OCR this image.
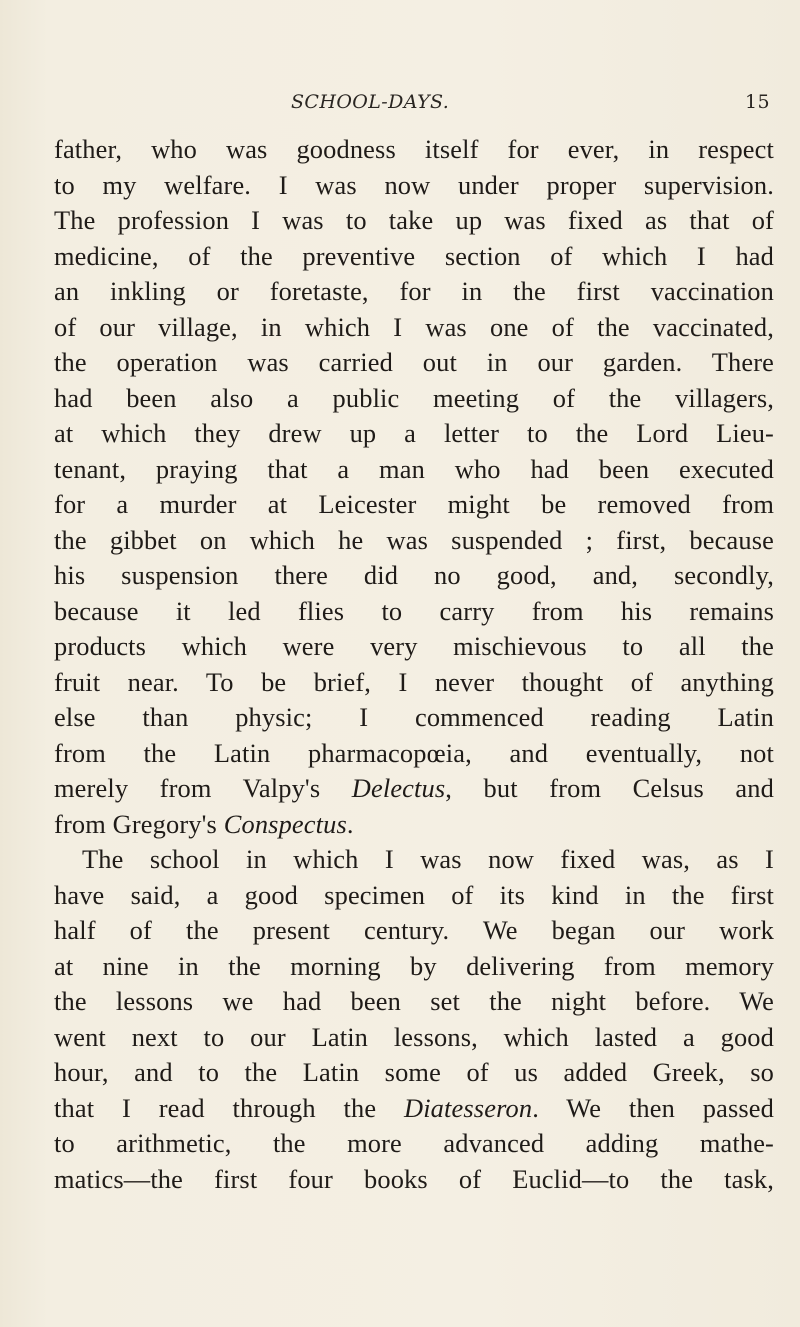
SCHOOL-DAYS.	15
father, who was goodness itself for ever, in respect
to my welfare. I was now under proper supervision.
The profession I was to take up was fixed as that of
medicine, of the preventive section of which I had
an inkling or foretaste, for in the first vaccination
of our village, in which I was one of the vaccinated,
the operation was carried out in our garden. There
had been also a public meeting of the villagers,
at which they drew up a letter to the Lord Lieu-
tenant, praying that a man who had been executed
for a murder at Leicester might be removed from
the gibbet on which he was suspended ; first, because
his suspension there did no good, and, secondly,
because it led flies to carry from his remains
products which were very mischievous to all the
fruit near. To be brief, I never thought of anything
else than physic; I commenced reading Latin
from the Latin pharmacopœia, and eventually, not
merely from Valpy's Delectus, but from Celsus and
from Gregory's Conspectus.
The school in which I was now fixed was, as I
have said, a good specimen of its kind in the first
half of the present century. We began our work
at nine in the morning by delivering from memory
the lessons we had been set the night before. We
went next to our Latin lessons, which lasted a good
hour, and to the Latin some of us added Greek, so
that I read through the Diatesseron. We then passed
to arithmetic, the more advanced adding mathe-
matics—the first four books of Euclid—to the task,
